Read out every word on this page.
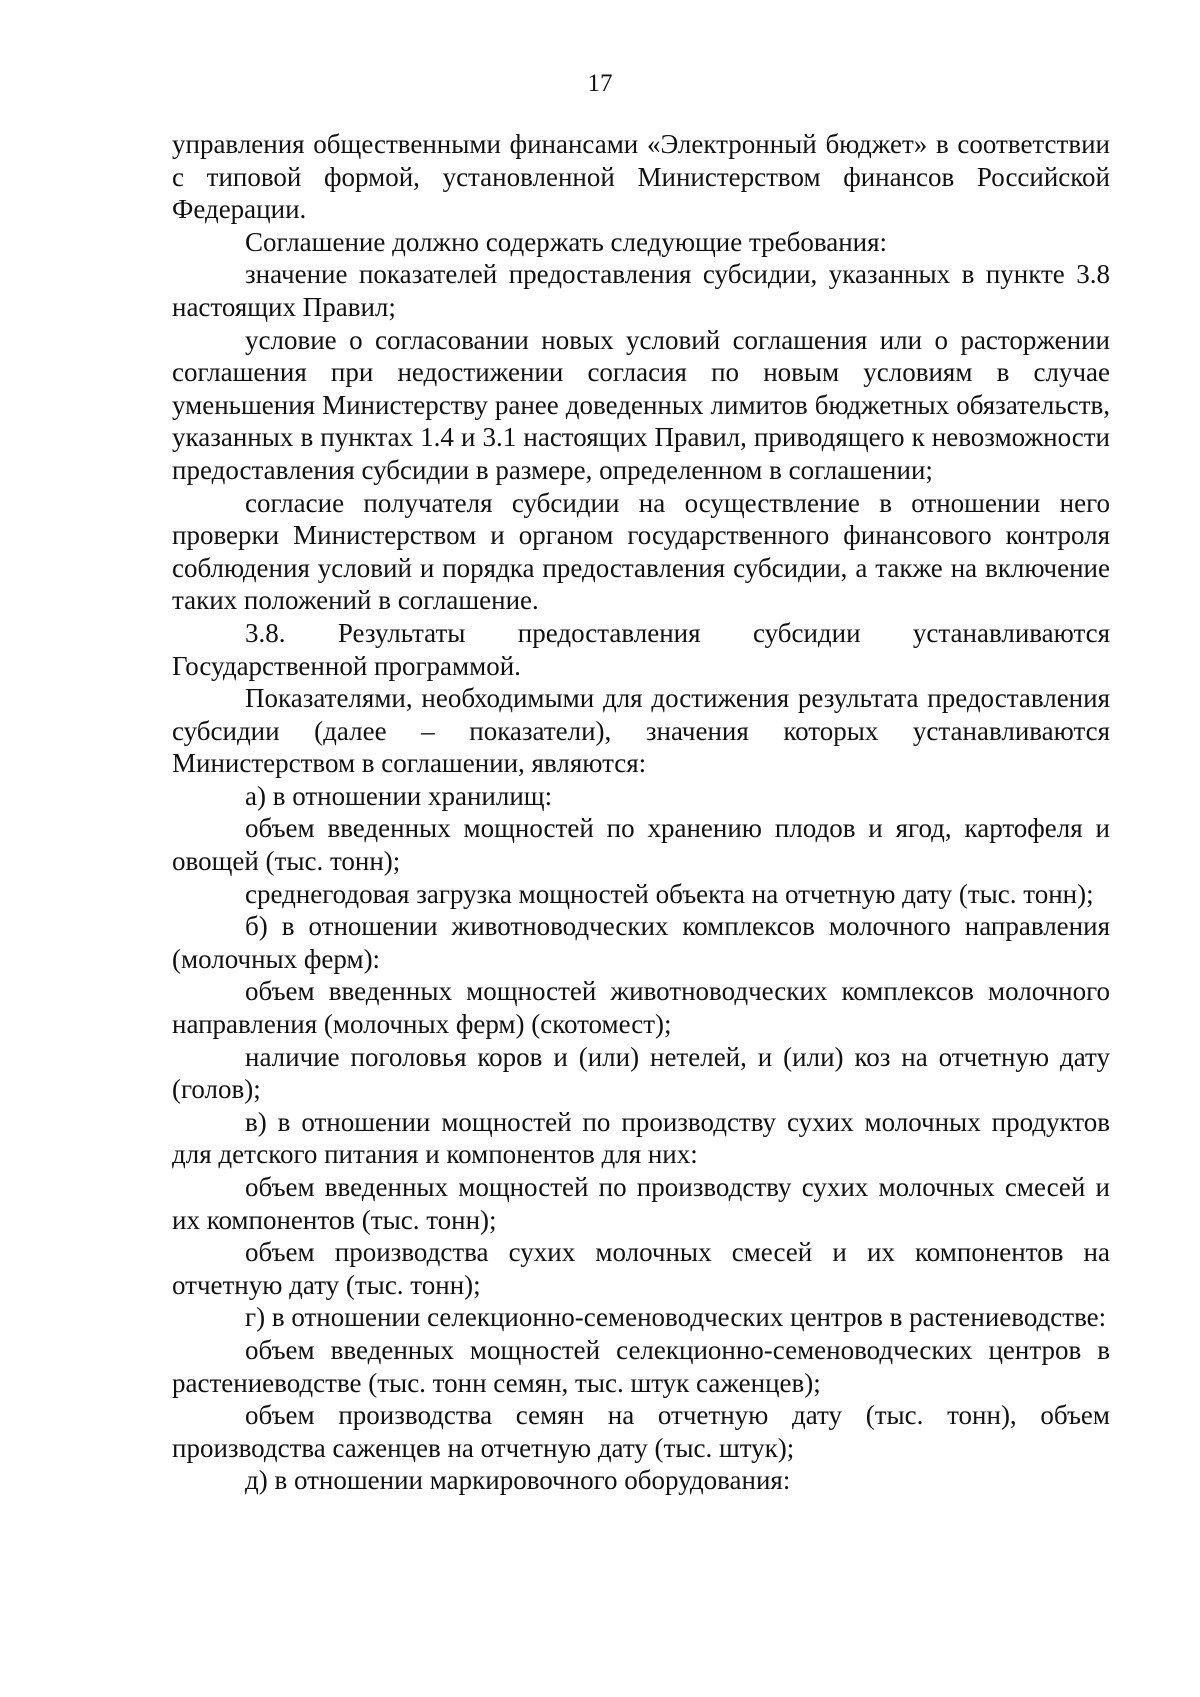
17

управления общественными финансами «Электронный бюджет» в соответствии с типовой формой, установленной Министерством финансов Российской Федерации.

Соглашение должно содержать следующие требования:

значение показателей предоставления субсидии, указанных в пункте 3.8 настоящих Правил;

условие о согласовании новых условий соглашения или о расторжении соглашения при недостижении согласия по новым условиям в случае уменьшения Министерству ранее доведенных лимитов бюджетных обязательств, указанных в пунктах 1.4 и 3.1 настоящих Правил, приводящего к невозможности предоставления субсидии в размере, определенном в соглашении;

согласие получателя субсидии на осуществление в отношении него проверки Министерством и органом государственного финансового контроля соблюдения условий и порядка предоставления субсидии, а также на включение таких положений в соглашение.

3.8. Результаты предоставления субсидии устанавливаются Государственной программой.

Показателями, необходимыми для достижения результата предоставления субсидии (далее – показатели), значения которых устанавливаются Министерством в соглашении, являются:

а) в отношении хранилищ:

объем введенных мощностей по хранению плодов и ягод, картофеля и овощей (тыс. тонн);

среднегодовая загрузка мощностей объекта на отчетную дату (тыс. тонн);

б) в отношении животноводческих комплексов молочного направления (молочных ферм):

объем введенных мощностей животноводческих комплексов молочного направления (молочных ферм) (скотомест);

наличие поголовья коров и (или) нетелей, и (или) коз на отчетную дату (голов);

в) в отношении мощностей по производству сухих молочных продуктов для детского питания и компонентов для них:

объем введенных мощностей по производству сухих молочных смесей и их компонентов (тыс. тонн);

объем производства сухих молочных смесей и их компонентов на отчетную дату (тыс. тонн);

г) в отношении селекционно-семеноводческих центров в растениеводстве:

объем введенных мощностей селекционно-семеноводческих центров в растениеводстве (тыс. тонн семян, тыс. штук саженцев);

объем производства семян на отчетную дату (тыс. тонн), объем производства саженцев на отчетную дату (тыс. штук);

д) в отношении маркировочного оборудования:
